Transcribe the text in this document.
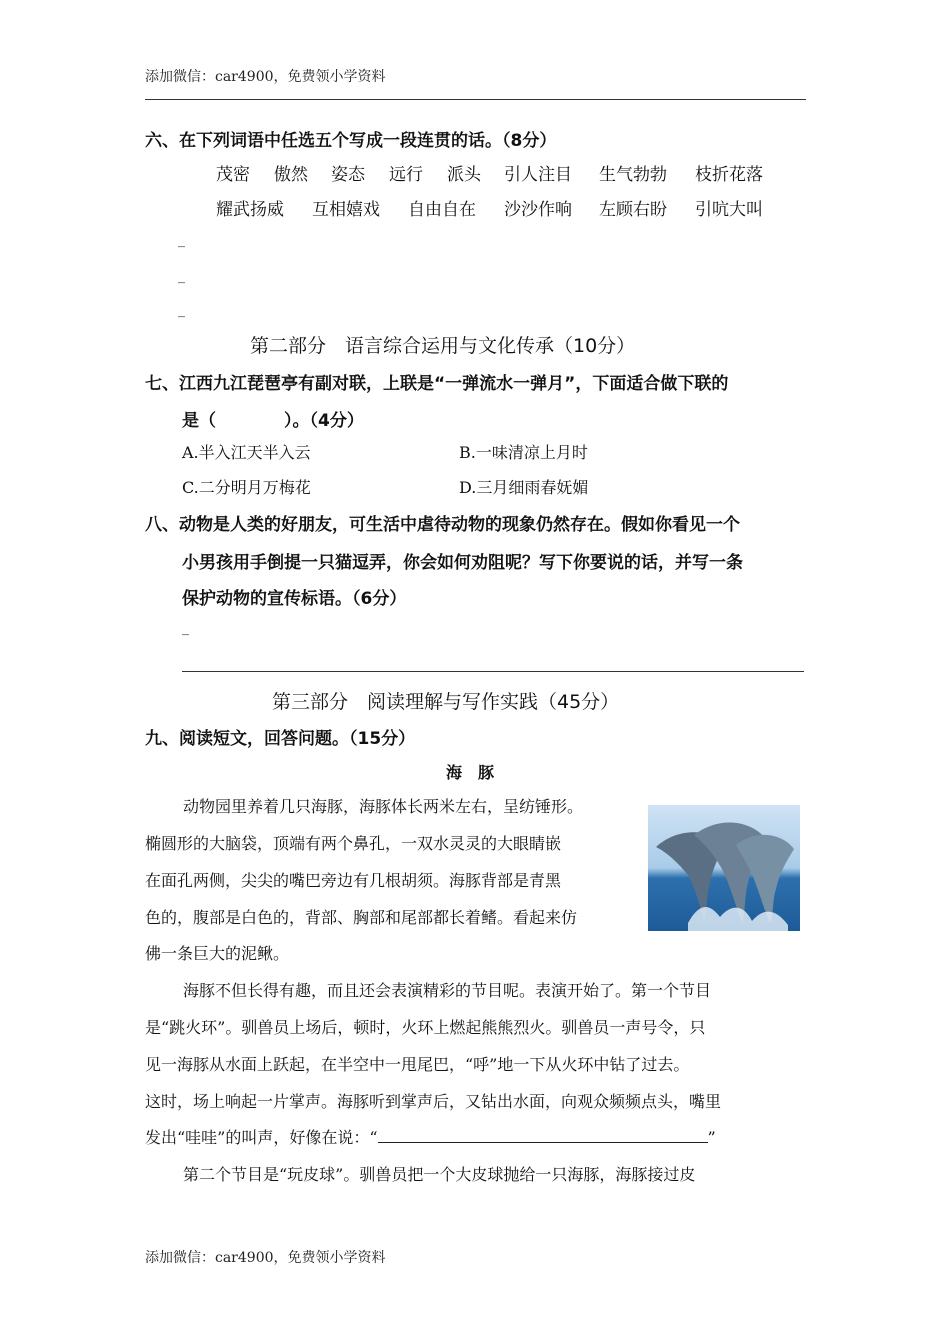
添加微信：car4900，免费领小学资料
六、在下列词语中任选五个写成一段连贯的话。（8分）
茂密 傲然 姿态 远行 派头 引人注目 生气勃勃 枝折花落
耀武扬威 互相嬉戏 自由自在 沙沙作响 左顾右盼 引吭大叫
_
_
_
第二部分　语言综合运用与文化传承（10分）
七、江西九江琵琶亭有副对联，上联是“一弹流水一弹月”，下面适合做下联的
是（　　　　）。（4分）
A.半入江天半入云	B.一味清凉上月时
C.二分明月万梅花	D.三月细雨春妩媚
八、动物是人类的好朋友，可生活中虐待动物的现象仍然存在。假如你看见一个
小男孩用手倒提一只猫逗弄，你会如何劝阻呢？写下你要说的话，并写一条
保护动物的宣传标语。（6分）
_
第三部分　阅读理解与写作实践（45分）
九、阅读短文，回答问题。（15分）
海　豚
动物园里养着几只海豚，海豚体长两米左右，呈纺锤形。
椭圆形的大脑袋，顶端有两个鼻孔，一双水灵灵的大眼睛嵌
在面孔两侧，尖尖的嘴巴旁边有几根胡须。海豚背部是青黑
色的，腹部是白色的，背部、胸部和尾部都长着鳍。看起来仿
佛一条巨大的泥鳅。
海豚不但长得有趣，而且还会表演精彩的节目呢。表演开始了。第一个节目
是“跳火环”。驯兽员上场后，顿时，火环上燃起熊熊烈火。驯兽员一声号令，只
见一海豚从水面上跃起，在半空中一甩尾巴，“呼”地一下从火环中钻了过去。
这时，场上响起一片掌声。海豚听到掌声后，又钻出水面，向观众频频点头，嘴里
发出“哇哇”的叫声，好像在说：“	”
第二个节目是“玩皮球”。驯兽员把一个大皮球抛给一只海豚，海豚接过皮
添加微信：car4900，免费领小学资料
